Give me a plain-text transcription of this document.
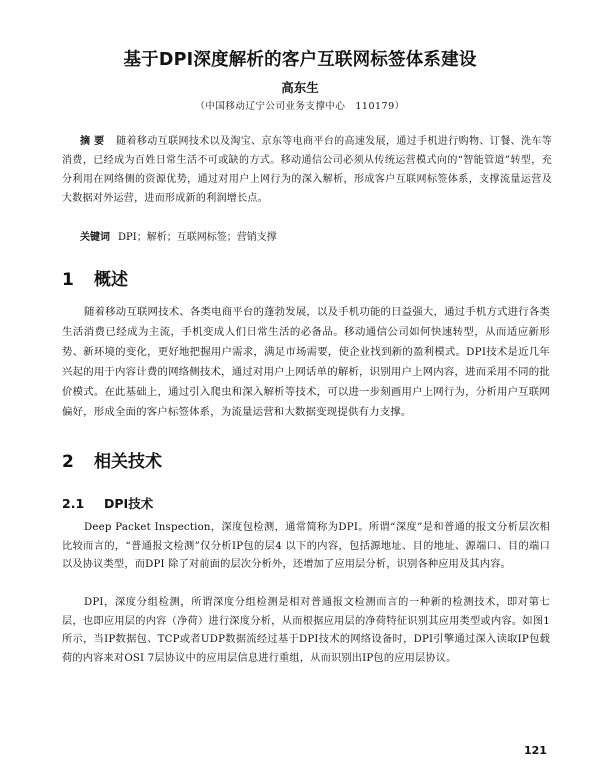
基于DPI深度解析的客户互联网标签体系建设
高东生
（中国移动辽宁公司业务支撑中心　110179）
摘要 随着移动互联网技术以及淘宝、京东等电商平台的高速发展，通过手机进行购物、订餐、洗车等消费，已经成为百姓日常生活不可或缺的方式。移动通信公司必须从传统运营模式向的“智能管道”转型，充分利用在网络侧的资源优势，通过对用户上网行为的深入解析，形成客户互联网标签体系，支撑流量运营及大数据对外运营，进而形成新的利润增长点。
关键词 DPI；解析；互联网标签；营销支撑
1 概述
随着移动互联网技术、各类电商平台的蓬勃发展，以及手机功能的日益强大，通过手机方式进行各类生活消费已经成为主流，手机变成人们日常生活的必备品。移动通信公司如何快速转型，从而适应新形势、新环境的变化，更好地把握用户需求，满足市场需要，使企业找到新的盈利模式。DPI技术是近几年兴起的用于内容计费的网络侧技术，通过对用户上网话单的解析，识别用户上网内容，进而采用不同的批价模式。在此基础上，通过引入爬虫和深入解析等技术，可以进一步刻画用户上网行为，分析用户互联网偏好，形成全面的客户标签体系，为流量运营和大数据变现提供有力支撑。
2 相关技术
2.1 DPI技术
Deep Packet Inspection，深度包检测，通常简称为DPI。所谓“深度”是和普通的报文分析层次相比较而言的，“普通报文检测”仅分析IP包的层4 以下的内容，包括源地址、目的地址、源端口、目的端口以及协议类型，而DPI 除了对前面的层次分析外，还增加了应用层分析，识别各种应用及其内容。
DPI，深度分组检测，所谓深度分组检测是相对普通报文检测而言的一种新的检测技术，即对第七层，也即应用层的内容（净荷）进行深度分析，从而根据应用层的净荷特征识别其应用类型或内容。如图1所示，当IP数据包、TCP或者UDP数据流经过基于DPI技术的网络设备时，DPI引擎通过深入读取IP包载荷的内容来对OSI 7层协议中的应用层信息进行重组，从而识别出IP包的应用层协议。
121
